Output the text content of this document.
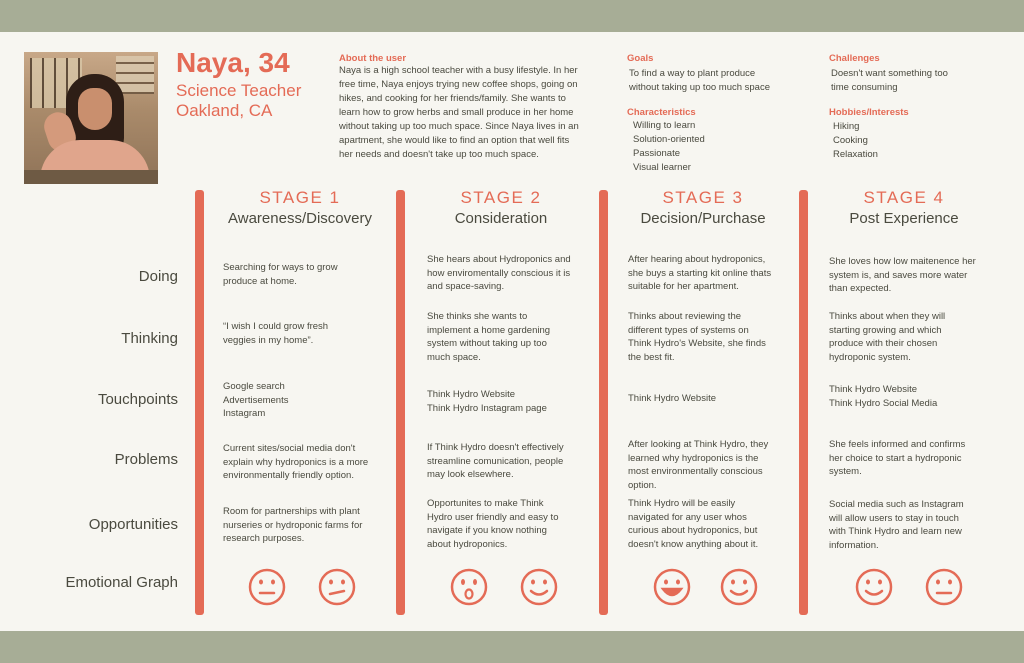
Naya, 34
Science Teacher
Oakland, CA
About the user
Naya is a high school teacher with a busy lifestyle. In her
free time, Naya enjoys trying new coffee shops, going on
hikes, and cooking for her friends/family. She wants to
learn how to grow herbs and small produce in her home
without taking up too much space. Since Naya lives in an
apartment, she would like to find an option that well fits
her needs and doesn't take up too much space.
Goals
To find a way to plant produce
without taking up too much space
Characteristics
Willing to learn
Solution-oriented
Passionate
Visual learner
Challenges
Doesn't want something too
time consuming
Hobbies/Interests
Hiking
Cooking
Relaxation
Doing
Thinking
Touchpoints
Problems
Opportunities
Emotional Graph
STAGE 1
Awareness/Discovery
STAGE 2
Consideration
STAGE 3
Decision/Purchase
STAGE 4
Post Experience
Searching for ways to grow
produce at home.
“I wish I could grow fresh
veggies in my home”.
Google search
Advertisements
Instagram
Current sites/social media don't
explain why hydroponics is a more
environmentally friendly option.
Room for partnerships with plant
nurseries or hydroponic farms for
research purposes.
She hears about Hydroponics and
how enviromentally conscious it is
and space-saving.
She thinks she wants to
implement a home gardening
system without taking up too
much space.
Think Hydro Website
Think Hydro Instagram page
If Think Hydro doesn't effectively
streamline comunication, people
may look elsewhere.
Opportunites to make Think
Hydro user friendly and easy to
navigate if you know nothing
about hydroponics.
After hearing about hydroponics,
she buys a starting kit online thats
suitable for her apartment.
Thinks about reviewing the
different types of systems on
Think Hydro's Website, she finds
the best fit.
Think Hydro Website
After looking at Think Hydro, they
learned why hydroponics is the
most environmentally conscious
option.
Think Hydro will be easily
navigated for any user whos
curious about hydroponics, but
doesn't know anything about it.
She loves how low maitenence her
system is, and saves more water
than expected.
Thinks about when they will
starting growing and which
produce with their chosen
hydroponic system.
Think Hydro Website
Think Hydro Social Media
She feels informed and confirms
her choice to start a hydroponic
system.
Social media such as Instagram
will allow users to stay in touch
with Think Hydro and learn new
information.
